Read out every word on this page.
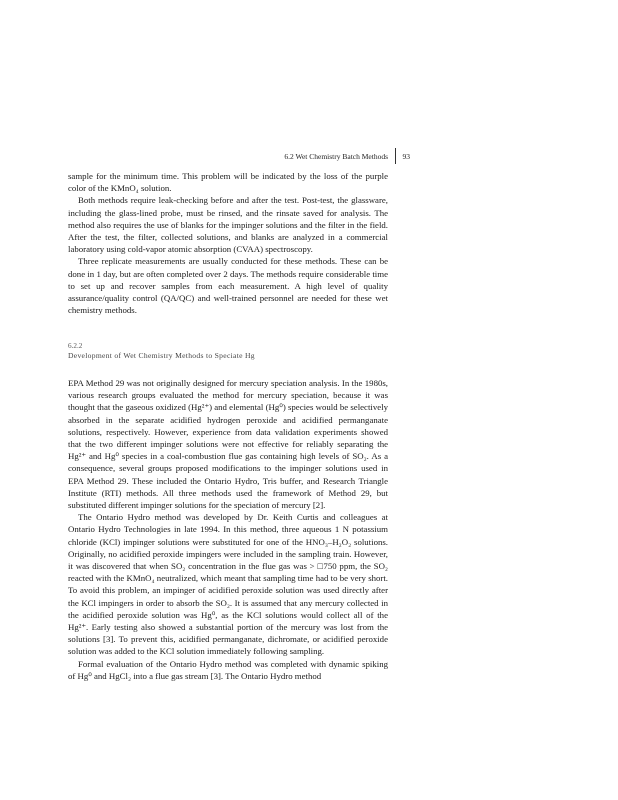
6.2 Wet Chemistry Batch Methods 93

sample for the minimum time. This problem will be indicated by the loss of the purple color of the KMnO₄ solution.

Both methods require leak-checking before and after the test. Post-test, the glassware, including the glass-lined probe, must be rinsed, and the rinsate saved for analysis. The method also requires the use of blanks for the impinger solutions and the filter in the field. After the test, the filter, collected solutions, and blanks are analyzed in a commercial laboratory using cold-vapor atomic absorption (CVAA) spectroscopy.

Three replicate measurements are usually conducted for these methods. These can be done in 1 day, but are often completed over 2 days. The methods require considerable time to set up and recover samples from each measurement. A high level of quality assurance/quality control (QA/QC) and well-trained personnel are needed for these wet chemistry methods.

6.2.2

Development of Wet Chemistry Methods to Speciate Hg

EPA Method 29 was not originally designed for mercury speciation analysis. In the 1980s, various research groups evaluated the method for mercury speciation, because it was thought that the gaseous oxidized (Hg²⁺) and elemental (Hg⁰) species would be selectively absorbed in the separate acidified hydrogen peroxide and acidified permanganate solutions, respectively. However, experience from data validation experiments showed that the two different impinger solutions were not effective for reliably separating the Hg²⁺ and Hg⁰ species in a coal-combustion flue gas containing high levels of SO₂. As a consequence, several groups proposed modifications to the impinger solutions used in EPA Method 29. These included the Ontario Hydro, Tris buffer, and Research Triangle Institute (RTI) methods. All three methods used the framework of Method 29, but substituted different impinger solutions for the speciation of mercury [2].

The Ontario Hydro method was developed by Dr. Keith Curtis and colleagues at Ontario Hydro Technologies in late 1994. In this method, three aqueous 1 N potassium chloride (KCl) impinger solutions were substituted for one of the HNO₃–H₂O₂ solutions. Originally, no acidified peroxide impingers were included in the sampling train. However, it was discovered that when SO₂ concentration in the flue gas was > □750 ppm, the SO₂ reacted with the KMnO₄ neutralized, which meant that sampling time had to be very short. To avoid this problem, an impinger of acidified peroxide solution was used directly after the KCl impingers in order to absorb the SO₂. It is assumed that any mercury collected in the acidified peroxide solution was Hg⁰, as the KCl solutions would collect all of the Hg²⁺. Early testing also showed a substantial portion of the mercury was lost from the solutions [3]. To prevent this, acidified permanganate, dichromate, or acidified peroxide solution was added to the KCl solution immediately following sampling.

Formal evaluation of the Ontario Hydro method was completed with dynamic spiking of Hg⁰ and HgCl₂ into a flue gas stream [3]. The Ontario Hydro method
